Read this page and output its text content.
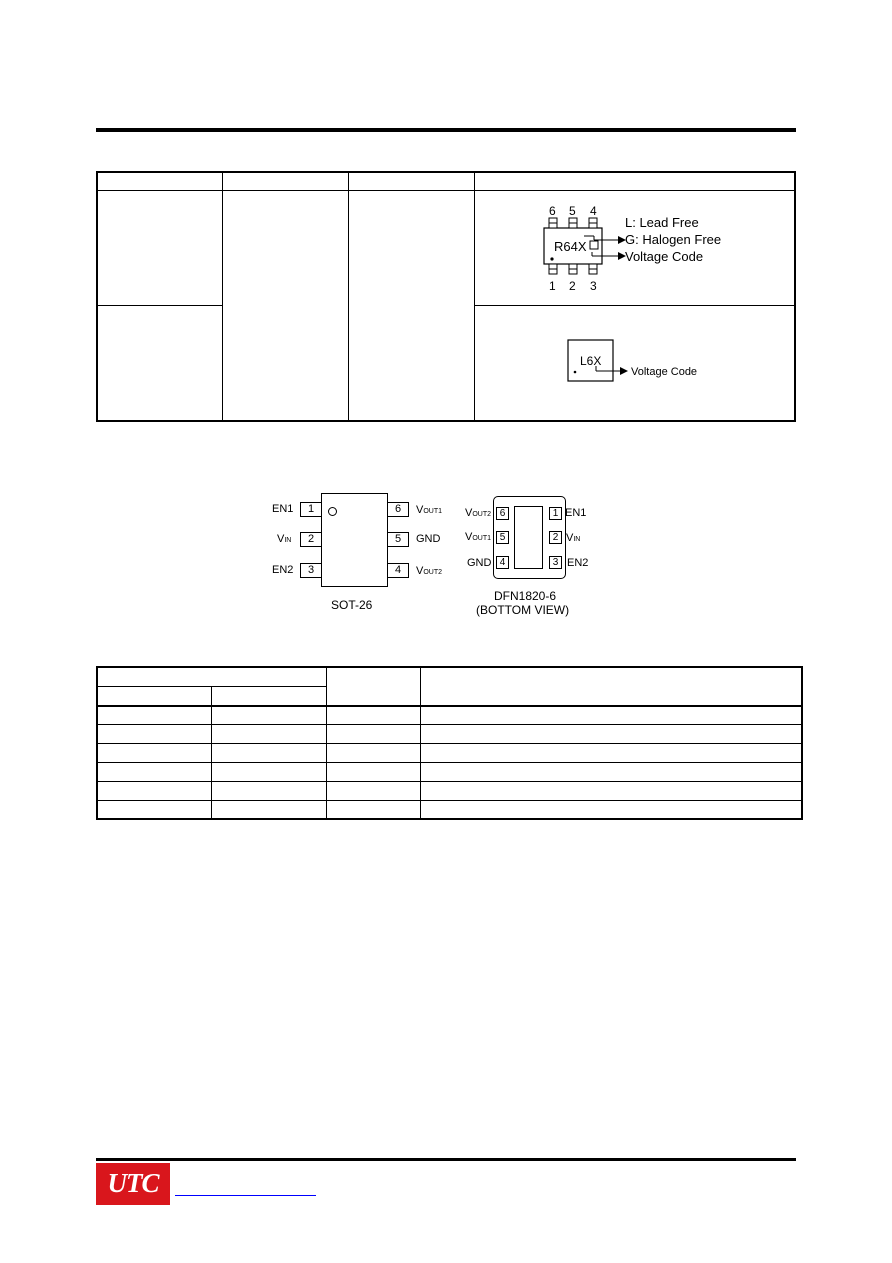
6 5 4
1 2 3
R64X
L: Lead Free
G: Halogen Free
Voltage Code
L6X
Voltage Code
1
2
3
6
5
4
EN1
VIN
EN2
VOUT1
GND
VOUT2
SOT-26
6
5
4
1
2
3
VOUT2
VOUT1
GND
EN1
VIN
EN2
DFN1820-6
(BOTTOM VIEW)
UTC
